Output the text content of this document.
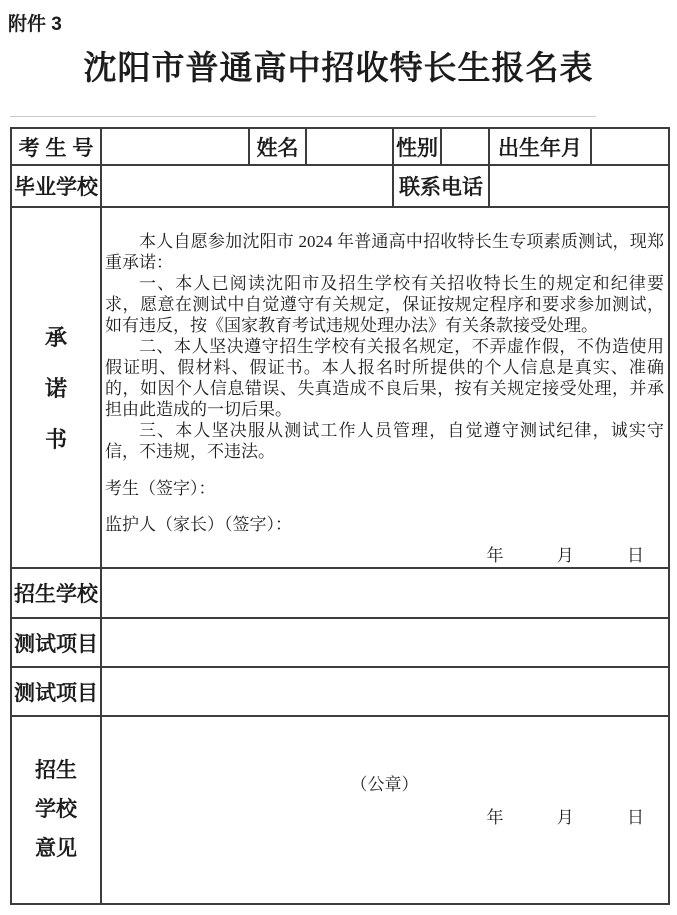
附件 3
沈阳市普通高中招收特长生报名表
考 生 号		姓名		性别		出生年月	
毕业学校				联系电话			

承
诺
书

本人自愿参加沈阳市 2024 年普通高中招收特长生专项素质测试，现郑重承诺：

一、本人已阅读沈阳市及招生学校有关招收特长生的规定和纪律要求，愿意在测试中自觉遵守有关规定，保证按规定程序和要求参加测试，如有违反，按《国家教育考试违规处理办法》有关条款接受处理。

二、本人坚决遵守招生学校有关报名规定，不弄虚作假，不伪造使用假证明、假材料、假证书。本人报名时所提供的个人信息是真实、准确的，如因个人信息错误、失真造成不良后果，按有关规定接受处理，并承担由此造成的一切后果。

三、本人坚决服从测试工作人员管理，自觉遵守测试纪律，诚实守信，不违规，不违法。

考生（签字）：
监护人（家长）（签字）：
年	月	日

招生学校							
测试项目							
测试项目							

招生
学校
意见

（公章）
年	月	日
